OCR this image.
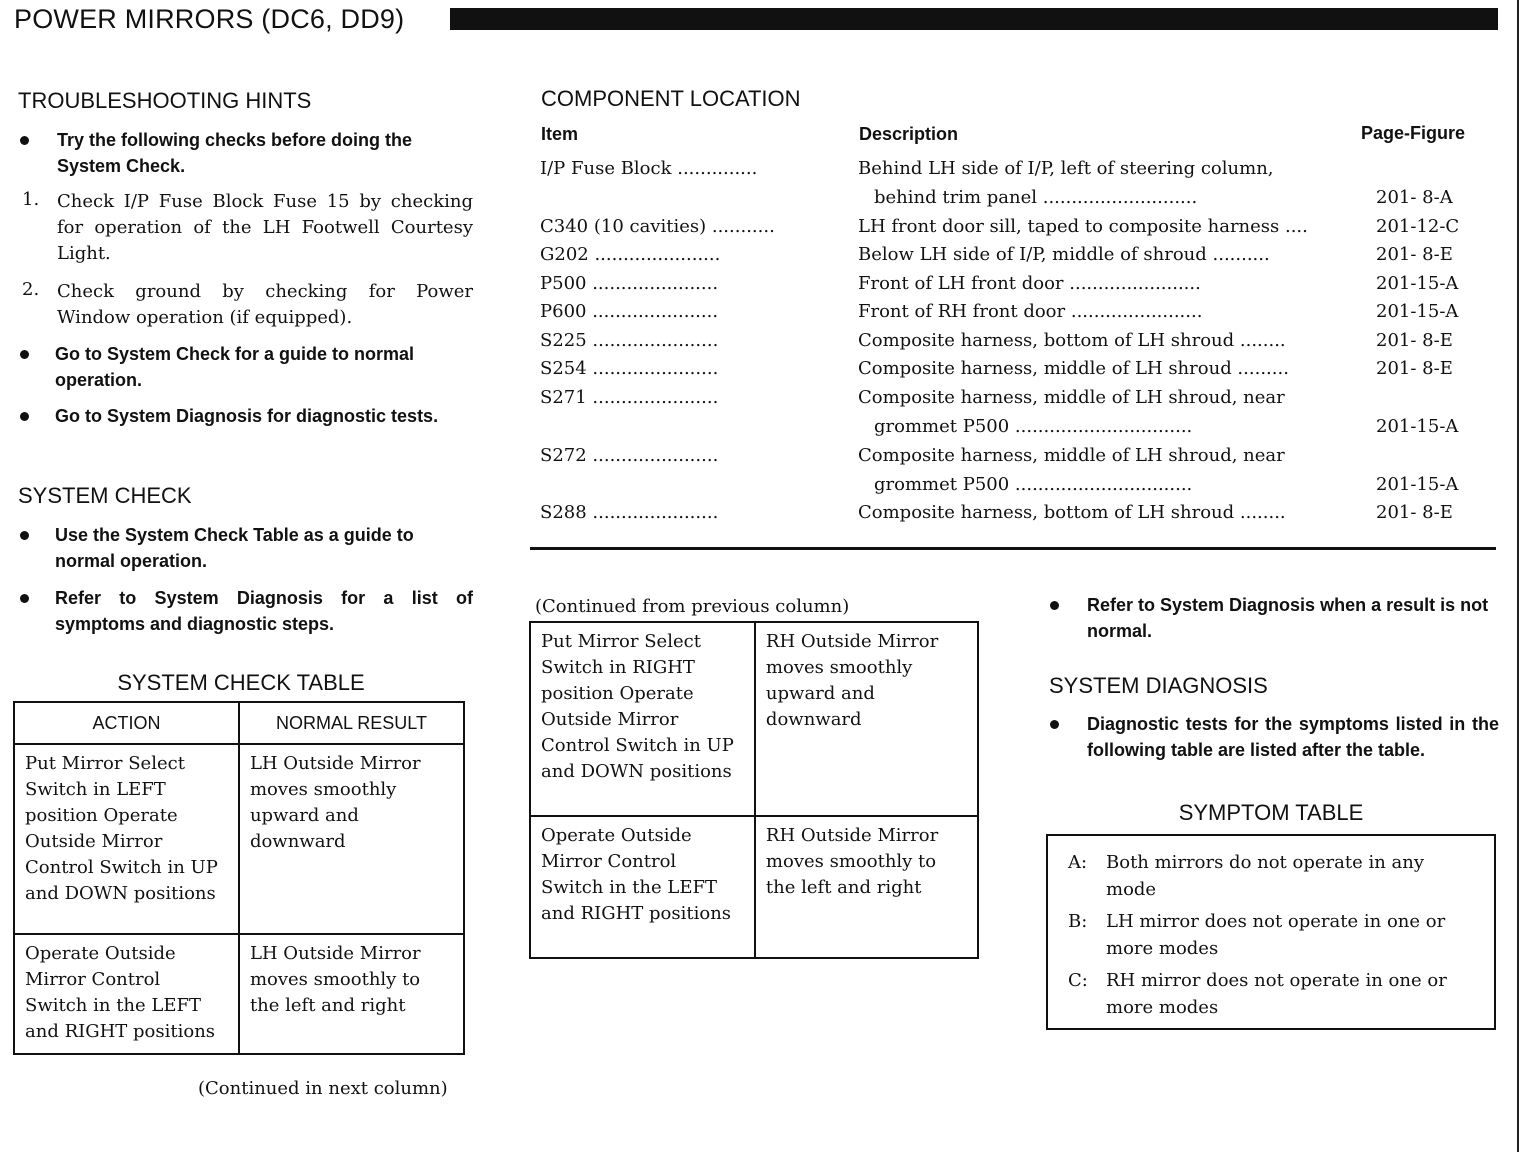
POWER MIRRORS (DC6, DD9)
TROUBLESHOOTING HINTS
Try the following checks before doing the System Check.
1. Check I/P Fuse Block Fuse 15 by checking for operation of the LH Footwell Courtesy Light.
2. Check ground by checking for Power Window operation (if equipped).
Go to System Check for a guide to normal operation.
Go to System Diagnosis for diagnostic tests.
SYSTEM CHECK
Use the System Check Table as a guide to normal operation.
Refer to System Diagnosis for a list of symptoms and diagnostic steps.
SYSTEM CHECK TABLE
ACTION	NORMAL RESULT
Put Mirror Select Switch in LEFT position Operate Outside Mirror Control Switch in UP and DOWN positions	LH Outside Mirror moves smoothly upward and downward
Operate Outside Mirror Control Switch in the LEFT and RIGHT positions	LH Outside Mirror moves smoothly to the left and right
(Continued in next column)
COMPONENT LOCATION
Item	Description	Page-Figure
I/P Fuse Block ..............	Behind LH side of I/P, left of steering column,
behind trim panel ...........................	201- 8-A
C340 (10 cavities) ...........	LH front door sill, taped to composite harness ....	201-12-C
G202 ......................	Below LH side of I/P, middle of shroud ..........	201- 8-E
P500 ......................	Front of LH front door .......................	201-15-A
P600 ......................	Front of RH front door .......................	201-15-A
S225 ......................	Composite harness, bottom of LH shroud ........	201- 8-E
S254 ......................	Composite harness, middle of LH shroud .........	201- 8-E
S271 ......................	Composite harness, middle of LH shroud, near
grommet P500 ...............................	201-15-A
S272 ......................	Composite harness, middle of LH shroud, near
grommet P500 ...............................	201-15-A
S288 ......................	Composite harness, bottom of LH shroud ........	201- 8-E
(Continued from previous column)
Put Mirror Select Switch in RIGHT position Operate Outside Mirror Control Switch in UP and DOWN positions	RH Outside Mirror moves smoothly upward and downward
Operate Outside Mirror Control Switch in the LEFT and RIGHT positions	RH Outside Mirror moves smoothly to the left and right
Refer to System Diagnosis when a result is not normal.
SYSTEM DIAGNOSIS
Diagnostic tests for the symptoms listed in the following table are listed after the table.
SYMPTOM TABLE
A: Both mirrors do not operate in any mode
B: LH mirror does not operate in one or more modes
C: RH mirror does not operate in one or more modes
